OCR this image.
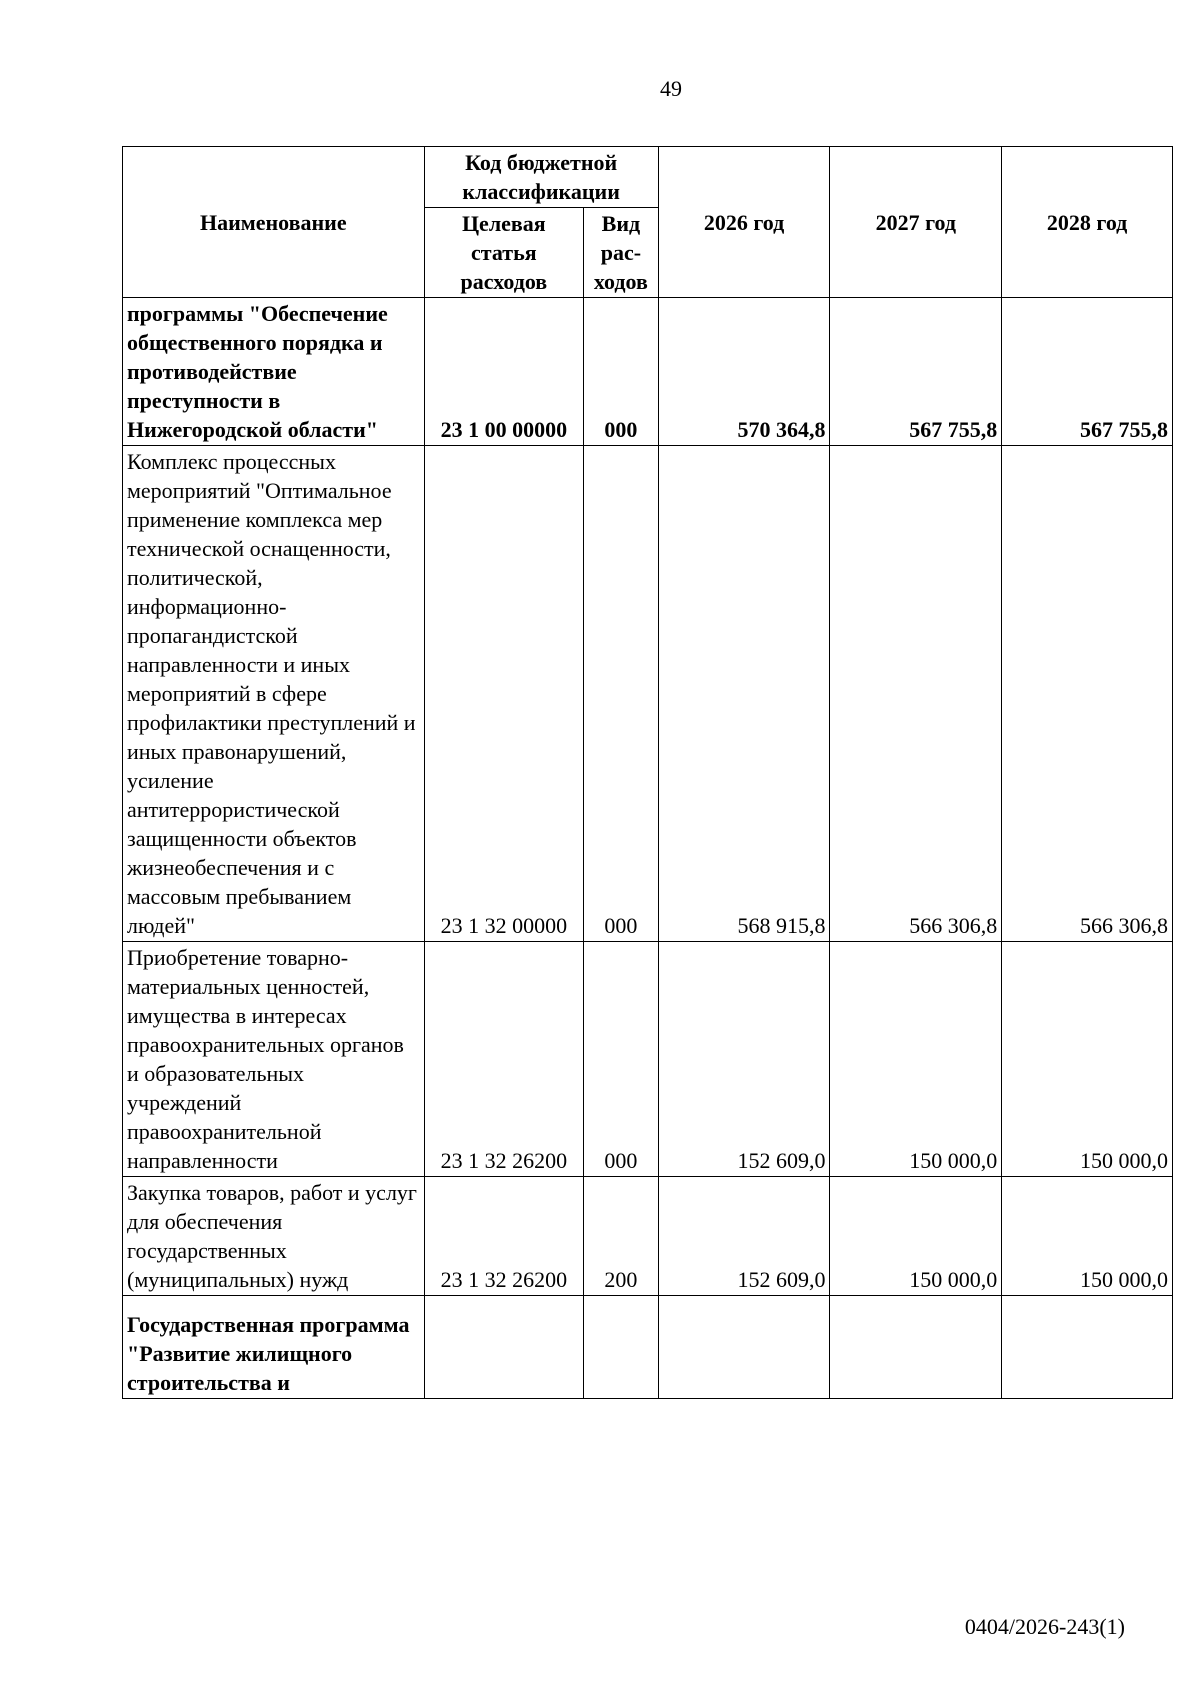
49
Наименование	Код бюджетной классификации		2026 год	2027 год	2028 год
	Целевая статья расходов	Вид рас- ходов			
программы "Обеспечение общественного порядка и противодействие преступности в Нижегородской области"	23 1 00 00000	000	570 364,8	567 755,8	567 755,8
Комплекс процессных мероприятий "Оптимальное применение комплекса мер технической оснащенности, политической, информационно-пропагандистской направленности и иных мероприятий в сфере профилактики преступлений и иных правонарушений, усиление антитеррористической защищенности объектов жизнеобеспечения и с массовым пребыванием людей"	23 1 32 00000	000	568 915,8	566 306,8	566 306,8
Приобретение товарно-материальных ценностей, имущества в интересах правоохранительных органов и образовательных учреждений правоохранительной направленности	23 1 32 26200	000	152 609,0	150 000,0	150 000,0
Закупка товаров, работ и услуг для обеспечения государственных (муниципальных) нужд	23 1 32 26200	200	152 609,0	150 000,0	150 000,0
Государственная программа "Развитие жилищного строительства и					
0404/2026-243(1)
